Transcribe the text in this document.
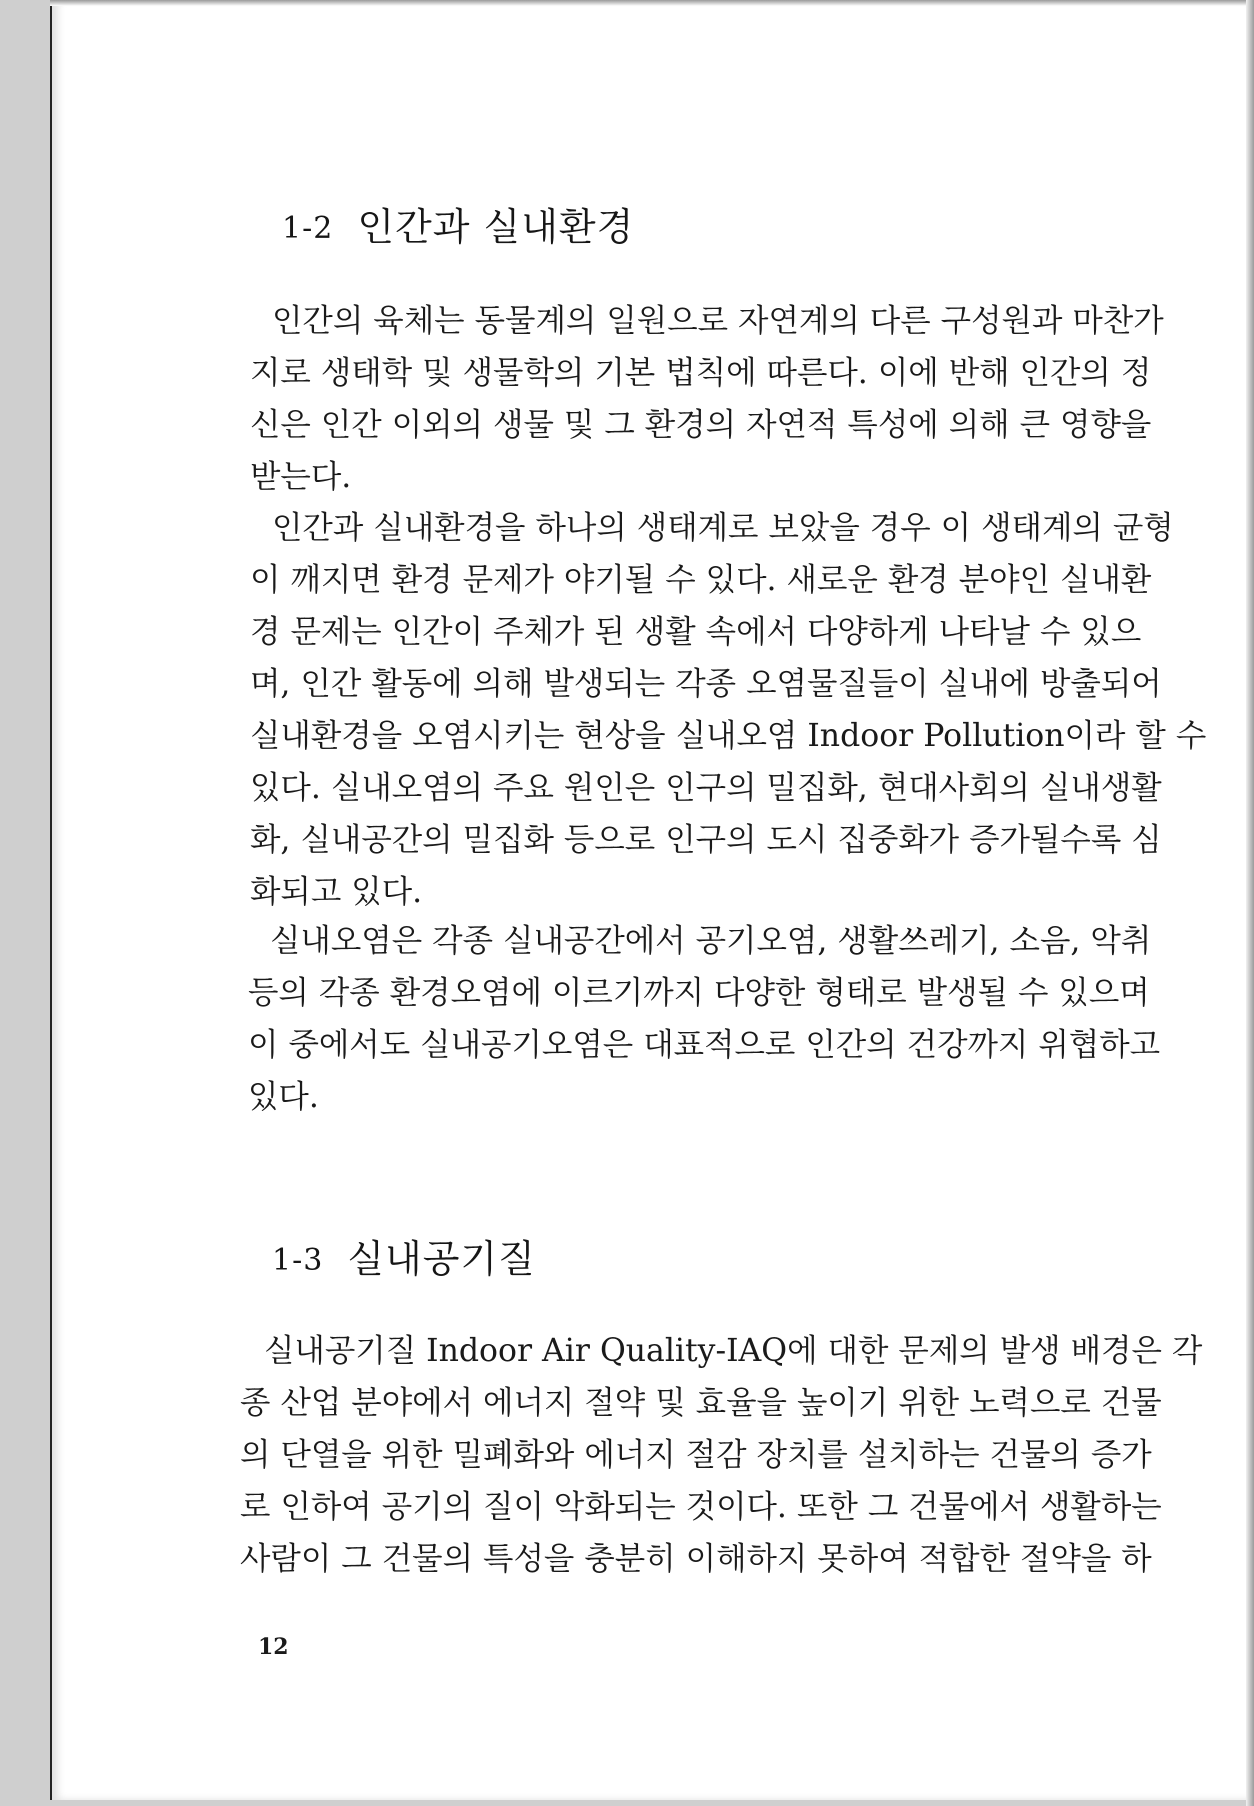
1-2 인간과 실내환경
인간의 육체는 동물계의 일원으로 자연계의 다른 구성원과 마찬가
지로 생태학 및 생물학의 기본 법칙에 따른다. 이에 반해 인간의 정
신은 인간 이외의 생물 및 그 환경의 자연적 특성에 의해 큰 영향을
받는다.
인간과 실내환경을 하나의 생태계로 보았을 경우 이 생태계의 균형
이 깨지면 환경 문제가 야기될 수 있다. 새로운 환경 분야인 실내환
경 문제는 인간이 주체가 된 생활 속에서 다양하게 나타날 수 있으
며, 인간 활동에 의해 발생되는 각종 오염물질들이 실내에 방출되어
실내환경을 오염시키는 현상을 실내오염 Indoor Pollution이라 할 수
있다. 실내오염의 주요 원인은 인구의 밀집화, 현대사회의 실내생활
화, 실내공간의 밀집화 등으로 인구의 도시 집중화가 증가될수록 심
화되고 있다.
실내오염은 각종 실내공간에서 공기오염, 생활쓰레기, 소음, 악취
등의 각종 환경오염에 이르기까지 다양한 형태로 발생될 수 있으며
이 중에서도 실내공기오염은 대표적으로 인간의 건강까지 위협하고
있다.
1-3 실내공기질
실내공기질 Indoor Air Quality-IAQ에 대한 문제의 발생 배경은 각
종 산업 분야에서 에너지 절약 및 효율을 높이기 위한 노력으로 건물
의 단열을 위한 밀폐화와 에너지 절감 장치를 설치하는 건물의 증가
로 인하여 공기의 질이 악화되는 것이다. 또한 그 건물에서 생활하는
사람이 그 건물의 특성을 충분히 이해하지 못하여 적합한 절약을 하
12
